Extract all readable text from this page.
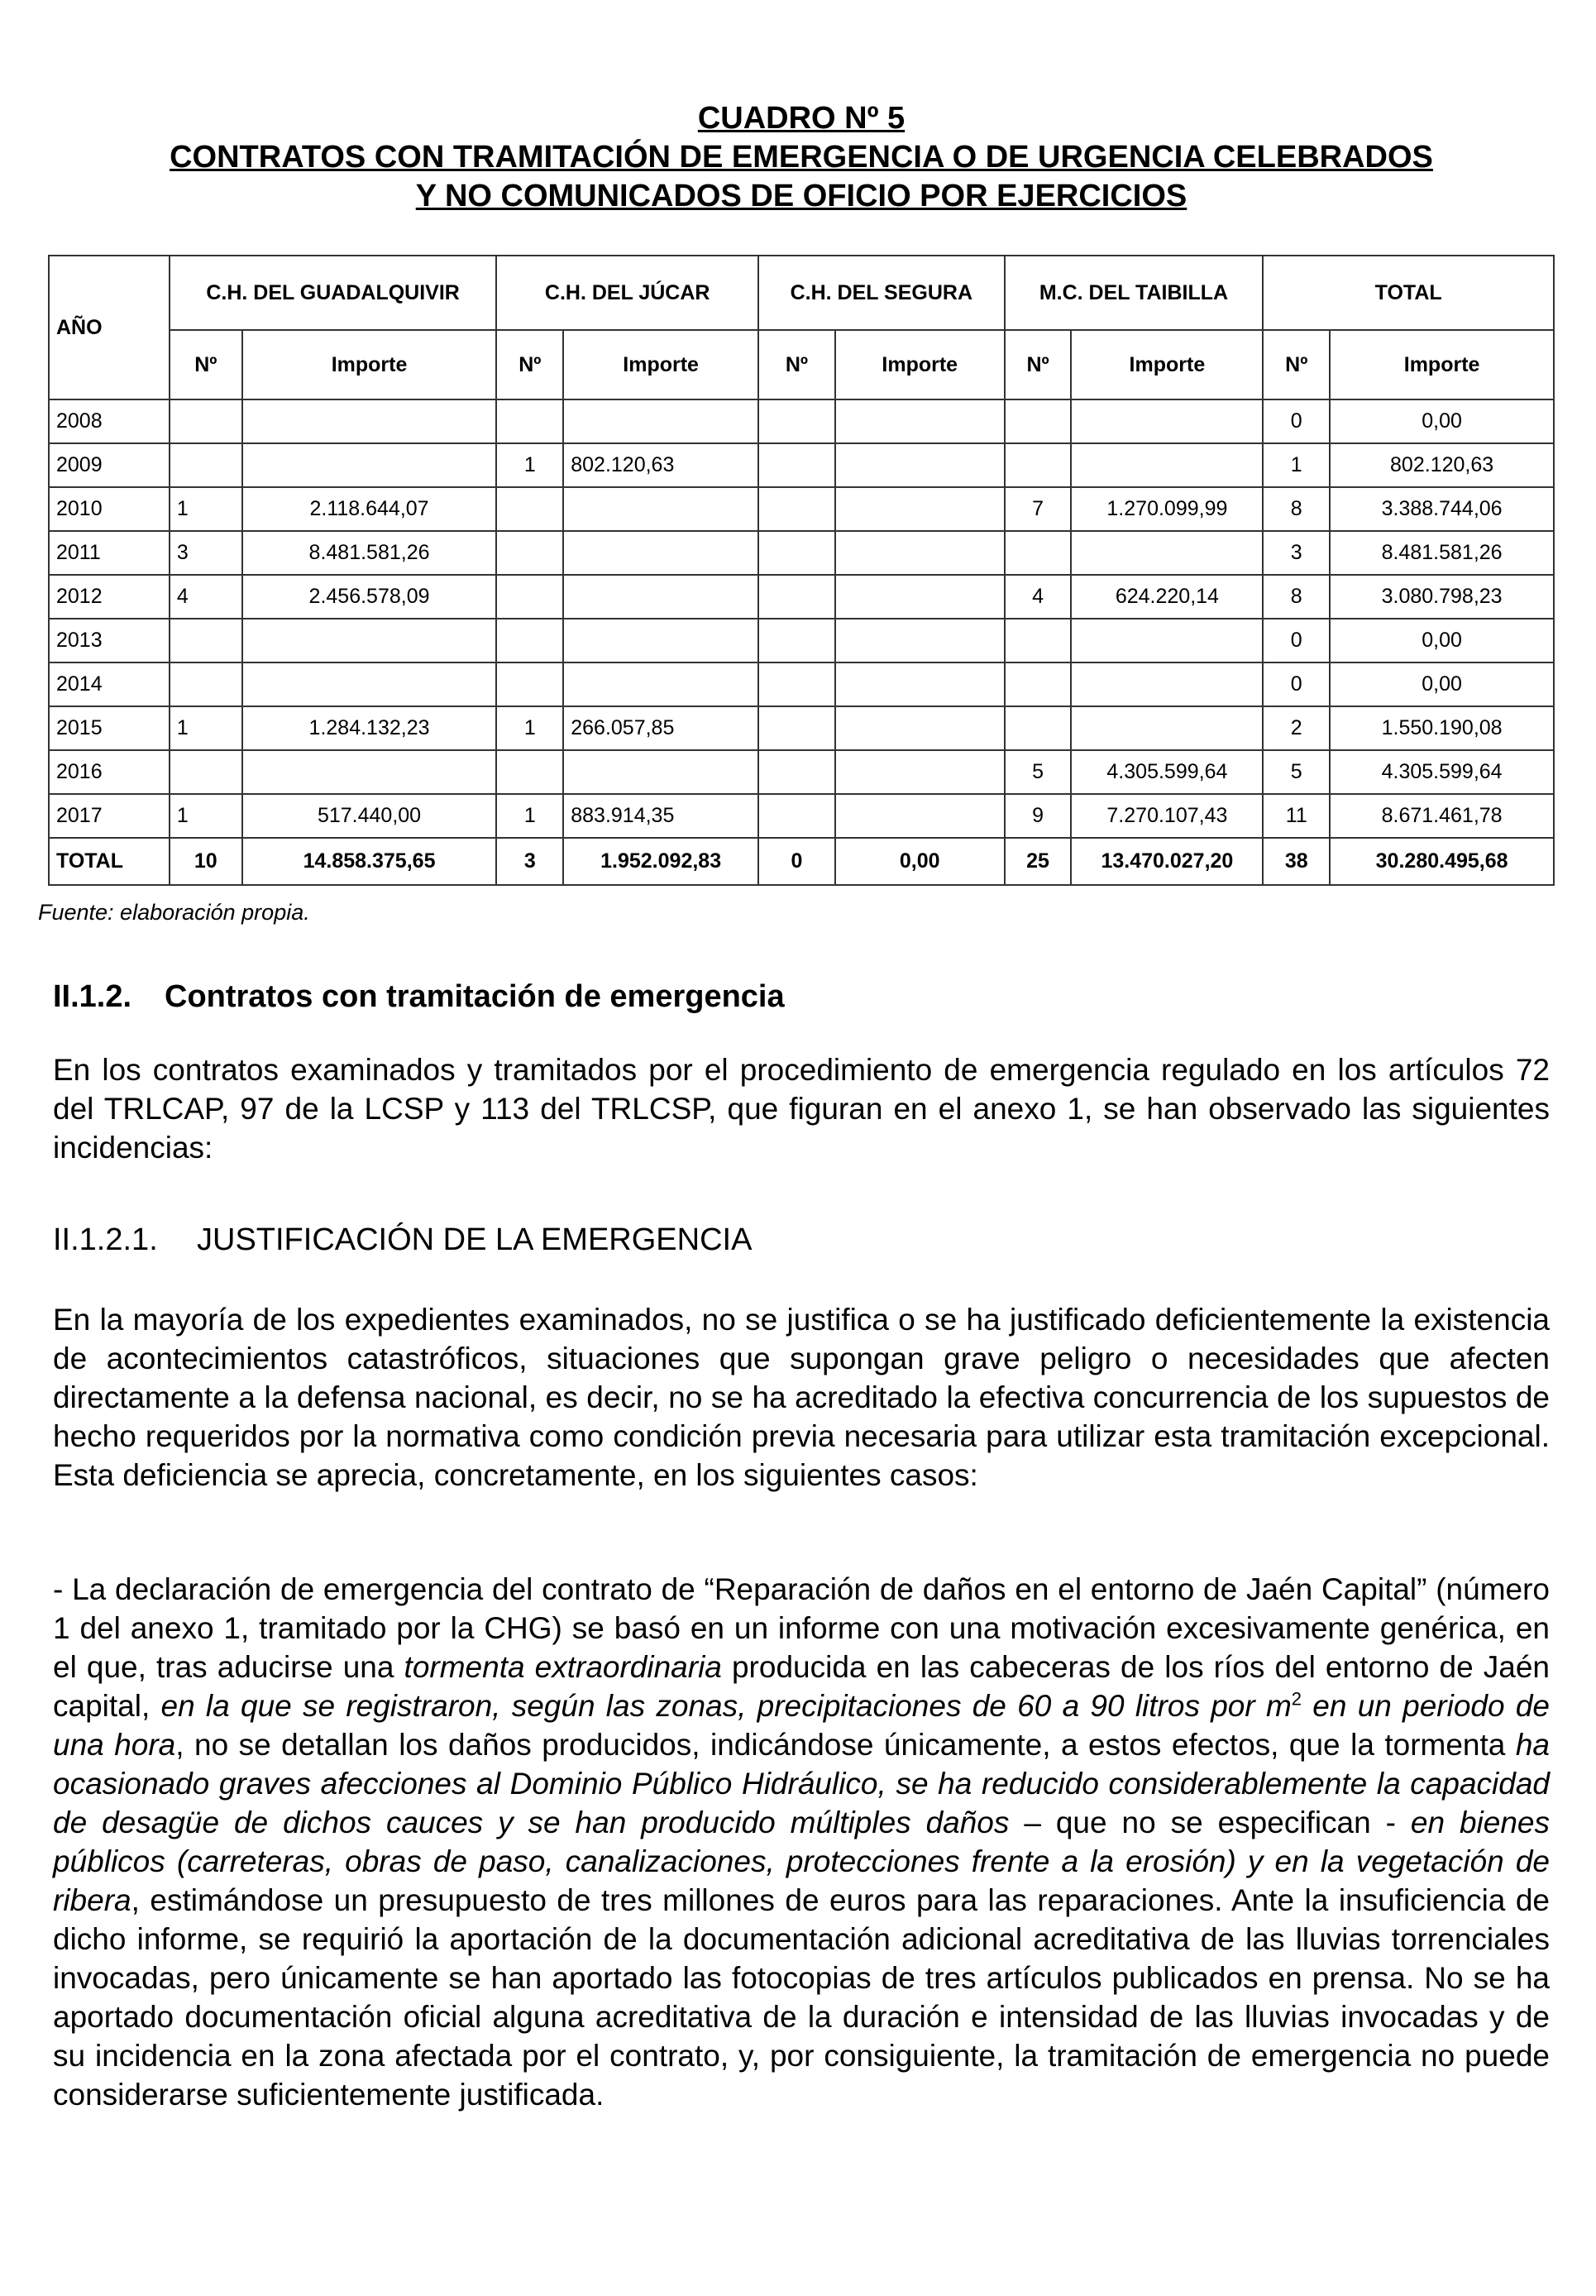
CUADRO Nº 5

CONTRATOS CON TRAMITACIÓN DE EMERGENCIA O DE URGENCIA CELEBRADOS

Y NO COMUNICADOS DE OFICIO POR EJERCICIOS

AÑO	C.H. DEL GUADALQUIVIR		C.H. DEL JÚCAR		C.H. DEL SEGURA		M.C. DEL TAIBILLA		TOTAL	
	Nº	Importe	Nº	Importe	Nº	Importe	Nº	Importe	Nº	Importe
2008									0	0,00
2009			1	802.120,63					1	802.120,63
2010	1	2.118.644,07					7	1.270.099,99	8	3.388.744,06
2011	3	8.481.581,26							3	8.481.581,26
2012	4	2.456.578,09					4	624.220,14	8	3.080.798,23
2013									0	0,00
2014									0	0,00
2015	1	1.284.132,23	1	266.057,85					2	1.550.190,08
2016							5	4.305.599,64	5	4.305.599,64
2017	1	517.440,00	1	883.914,35			9	7.270.107,43	11	8.671.461,78
TOTAL	10	14.858.375,65	3	1.952.092,83	0	0,00	25	13.470.027,20	38	30.280.495,68
Fuente: elaboración propia.
II.1.2. Contratos con tramitación de emergencia

En los contratos examinados y tramitados por el procedimiento de emergencia regulado en los artículos 72 del TRLCAP, 97 de la LCSP y 113 del TRLCSP, que figuran en el anexo 1, se han observado las siguientes incidencias:

II.1.2.1. JUSTIFICACIÓN DE LA EMERGENCIA

En la mayoría de los expedientes examinados, no se justifica o se ha justificado deficientemente la existencia de acontecimientos catastróficos, situaciones que supongan grave peligro o necesidades que afecten directamente a la defensa nacional, es decir, no se ha acreditado la efectiva concurrencia de los supuestos de hecho requeridos por la normativa como condición previa necesaria para utilizar esta tramitación excepcional. Esta deficiencia se aprecia, concretamente, en los siguientes casos:

- La declaración de emergencia del contrato de “Reparación de daños en el entorno de Jaén Capital” (número 1 del anexo 1, tramitado por la CHG) se basó en un informe con una motivación excesivamente genérica, en el que, tras aducirse una tormenta extraordinaria producida en las cabeceras de los ríos del entorno de Jaén capital, en la que se registraron, según las zonas, precipitaciones de 60 a 90 litros por $m^2$ en un periodo de una hora, no se detallan los daños producidos, indicándose únicamente, a estos efectos, que la tormenta ha ocasionado graves afecciones al Dominio Público Hidráulico, se ha reducido considerablemente la capacidad de desagüe de dichos cauces y se han producido múltiples daños – que no se especifican - en bienes públicos (carreteras, obras de paso, canalizaciones, protecciones frente a la erosión) y en la vegetación de ribera, estimándose un presupuesto de tres millones de euros para las reparaciones. Ante la insuficiencia de dicho informe, se requirió la aportación de la documentación adicional acreditativa de las lluvias torrenciales invocadas, pero únicamente se han aportado las fotocopias de tres artículos publicados en prensa. No se ha aportado documentación oficial alguna acreditativa de la duración e intensidad de las lluvias invocadas y de su incidencia en la zona afectada por el contrato, y, por consiguiente, la tramitación de emergencia no puede considerarse suficientemente justificada.
